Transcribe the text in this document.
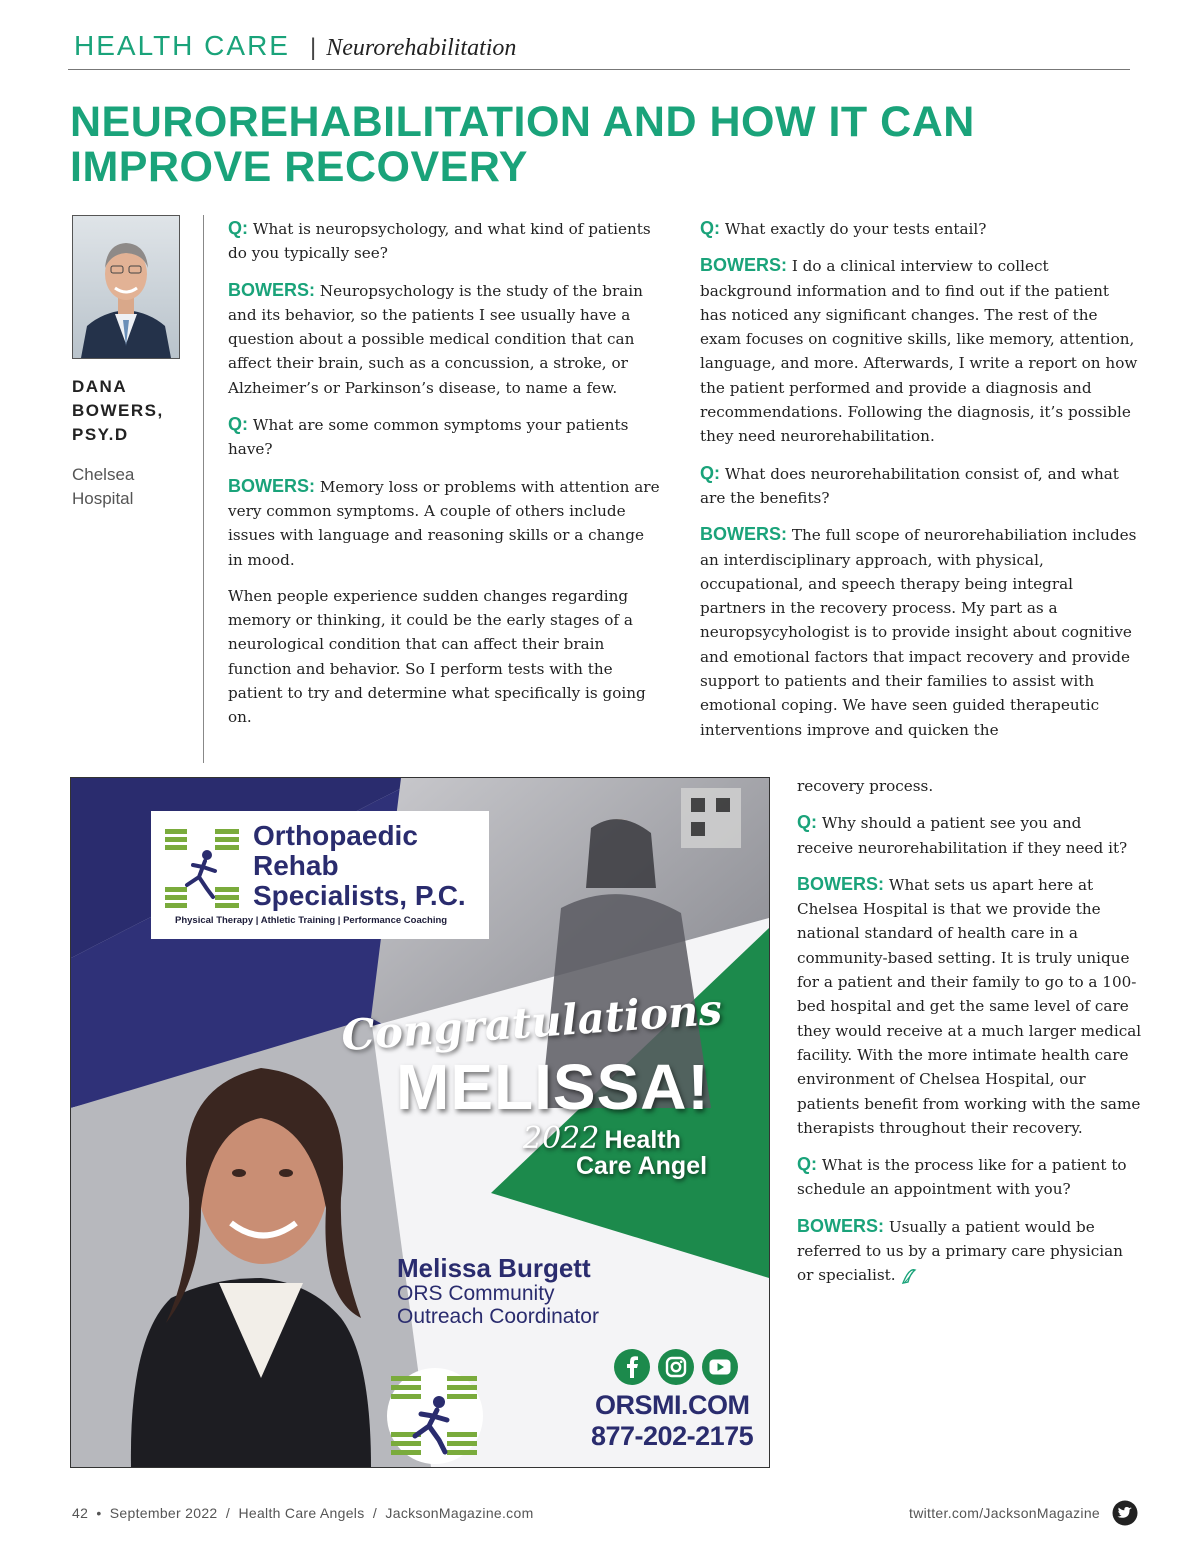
HEALTH CARE | Neurorehabilitation
NEUROREHABILITATION AND HOW IT CAN IMPROVE RECOVERY
DANA BOWERS, PSY.D
Chelsea Hospital

Q: What is neuropsychology, and what kind of patients do you typically see?

BOWERS: Neuropsychology is the study of the brain and its behavior, so the patients I see usually have a question about a possible medical condition that can affect their brain, such as a concussion, a stroke, or Alzheimer’s or Parkinson’s disease, to name a few.

Q: What are some common symptoms your patients have?

BOWERS: Memory loss or problems with attention are very common symptoms. A couple of others include issues with language and reasoning skills or a change in mood.

When people experience sudden changes regarding memory or thinking, it could be the early stages of a neurological condition that can affect their brain function and behavior. So I perform tests with the patient to try and determine what specifically is going on.

Q: What exactly do your tests entail?

BOWERS: I do a clinical interview to collect background information and to find out if the patient has noticed any significant changes. The rest of the exam focuses on cognitive skills, like memory, attention, language, and more. Afterwards, I write a report on how the patient performed and provide a diagnosis and recommendations. Following the diagnosis, it’s possible they need neurorehabilitation.

Q: What does neurorehabilitation consist of, and what are the benefits?

BOWERS: The full scope of neurorehabiliation includes an interdisciplinary approach, with physical, occupational, and speech therapy being integral partners in the recovery process. My part as a neuropsycyhologist is to provide insight about cognitive and emotional factors that impact recovery and provide support to patients and their families to assist with emotional coping. We have seen guided therapeutic interventions improve and quicken the

recovery process.

Q: Why should a patient see you and receive neurorehabilitation if they need it?

BOWERS: What sets us apart here at Chelsea Hospital is that we provide the national standard of health care in a community-based setting. It is truly unique for a patient and their family to go to a 100-bed hospital and get the same level of care they would receive at a much larger medical facility. With the more intimate health care environment of Chelsea Hospital, our patients benefit from working with the same therapists throughout their recovery.

Q: What is the process like for a patient to schedule an appointment with you?

BOWERS: Usually a patient would be referred to us by a primary care physician or specialist.

Orthopaedic
Rehab
Specialists, P.C.
Physical Therapy | Athletic Training | Performance Coaching
Congratulations
MELISSA!
2022 Health
Care Angel
Melissa Burgett
ORS Community
Outreach Coordinator
ORSMI.COM
877-202-2175
42 • September 2022  /  Health Care Angels  /  JacksonMagazine.com	twitter.com/JacksonMagazine
